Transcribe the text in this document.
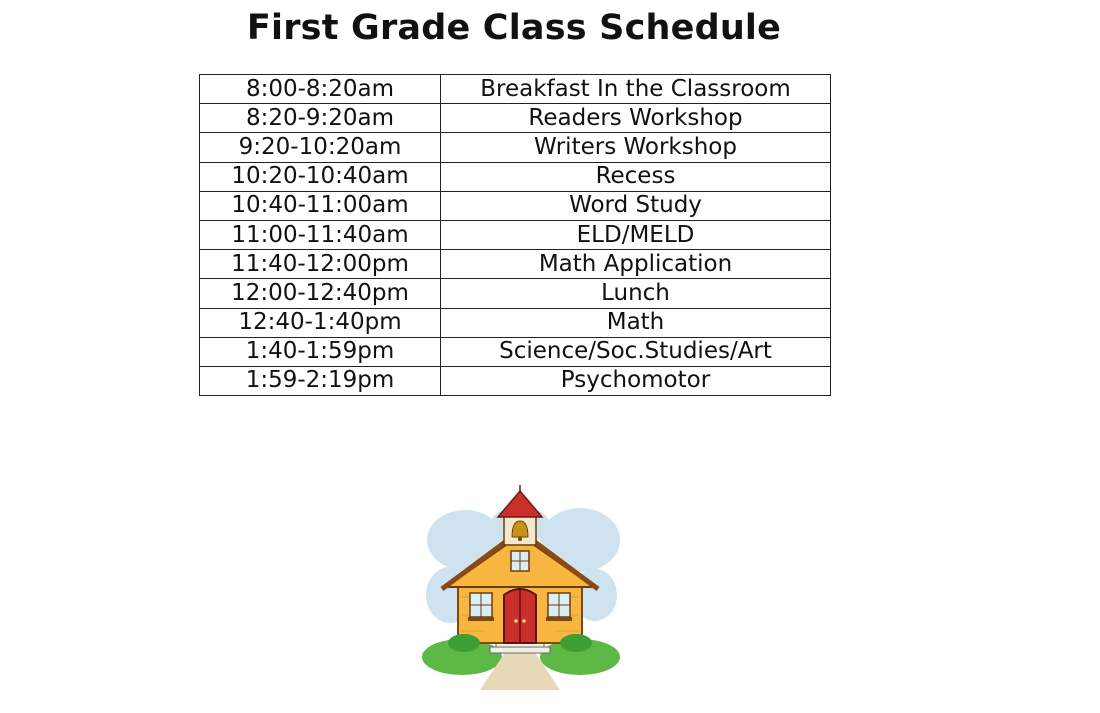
First Grade Class Schedule
8:00-8:20am	Breakfast In the Classroom
8:20-9:20am	Readers Workshop
9:20-10:20am	Writers Workshop
10:20-10:40am	Recess
10:40-11:00am	Word Study
11:00-11:40am	ELD/MELD
11:40-12:00pm	Math Application
12:00-12:40pm	Lunch
12:40-1:40pm	Math
1:40-1:59pm	Science/Soc.Studies/Art
1:59-2:19pm	Psychomotor
